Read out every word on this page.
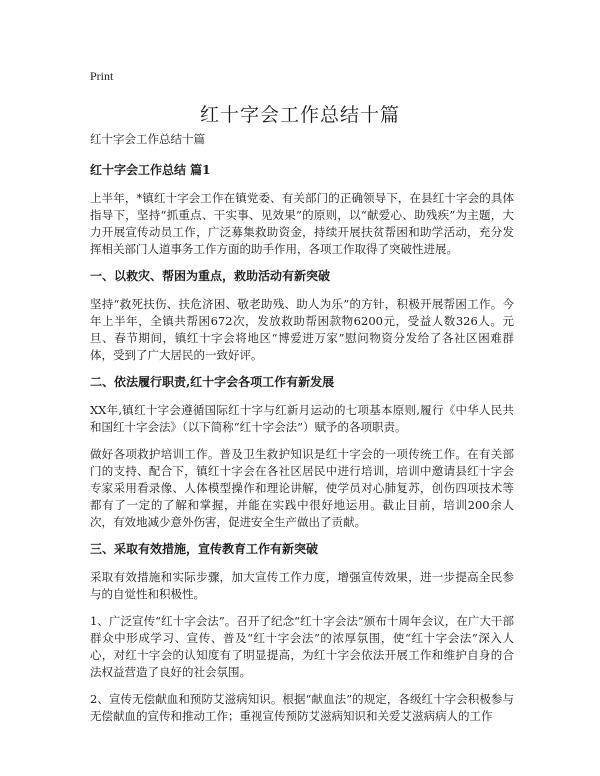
Print
红十字会工作总结十篇

红十字会工作总结十篇

红十字会工作总结 篇1

上半年，*镇红十字会工作在镇党委、有关部门的正确领导下，在县红十字会的具体指导下，坚持“抓重点、干实事、见效果”的原则，以“献爱心、助残疾”为主题，大力开展宣传动员工作，广泛募集救助资金，持续开展扶贫帮困和助学活动，充分发挥相关部门人道事务工作方面的助手作用，各项工作取得了突破性进展。

一、以救灾、帮困为重点，救助活动有新突破

坚持“救死扶伤、扶危济困、敬老助残、助人为乐”的方针，积极开展帮困工作。今年上半年，全镇共帮困672次，发放救助帮困款物6200元，受益人数326人。元旦、春节期间，镇红十字会将地区“博爱进万家”慰问物资分发给了各社区困难群体，受到了广大居民的一致好评。

二、依法履行职责,红十字会各项工作有新发展

XX年,镇红十字会遵循国际红十字与红新月运动的七项基本原则,履行《中华人民共和国红十字会法》（以下简称“红十字会法”）赋予的各项职责。

做好各项救护培训工作。普及卫生救护知识是红十字会的一项传统工作。在有关部门的支持、配合下，镇红十字会在各社区居民中进行培训，培训中邀请县红十字会专家采用看录像、人体模型操作和理论讲解，使学员对心肺复苏，创伤四项技术等都有了一定的了解和掌握，并能在实践中很好地运用。截止目前，培训200余人次，有效地减少意外伤害，促进安全生产做出了贡献。

三、采取有效措施，宣传教育工作有新突破

采取有效措施和实际步骤，加大宣传工作力度，增强宣传效果，进一步提高全民参与的自觉性和积极性。

1、广泛宣传“红十字会法”。召开了纪念“红十字会法”颁布十周年会议，在广大干部群众中形成学习、宣传、普及“红十字会法”的浓厚氛围，使“红十字会法”深入人心，对红十字会的认知度有了明显提高，为红十字会依法开展工作和维护自身的合法权益营造了良好的社会氛围。

2、宣传无偿献血和预防艾滋病知识。根据“献血法”的规定，各级红十字会积极参与无偿献血的宣传和推动工作；重视宣传预防艾滋病知识和关爱艾滋病病人的工作
